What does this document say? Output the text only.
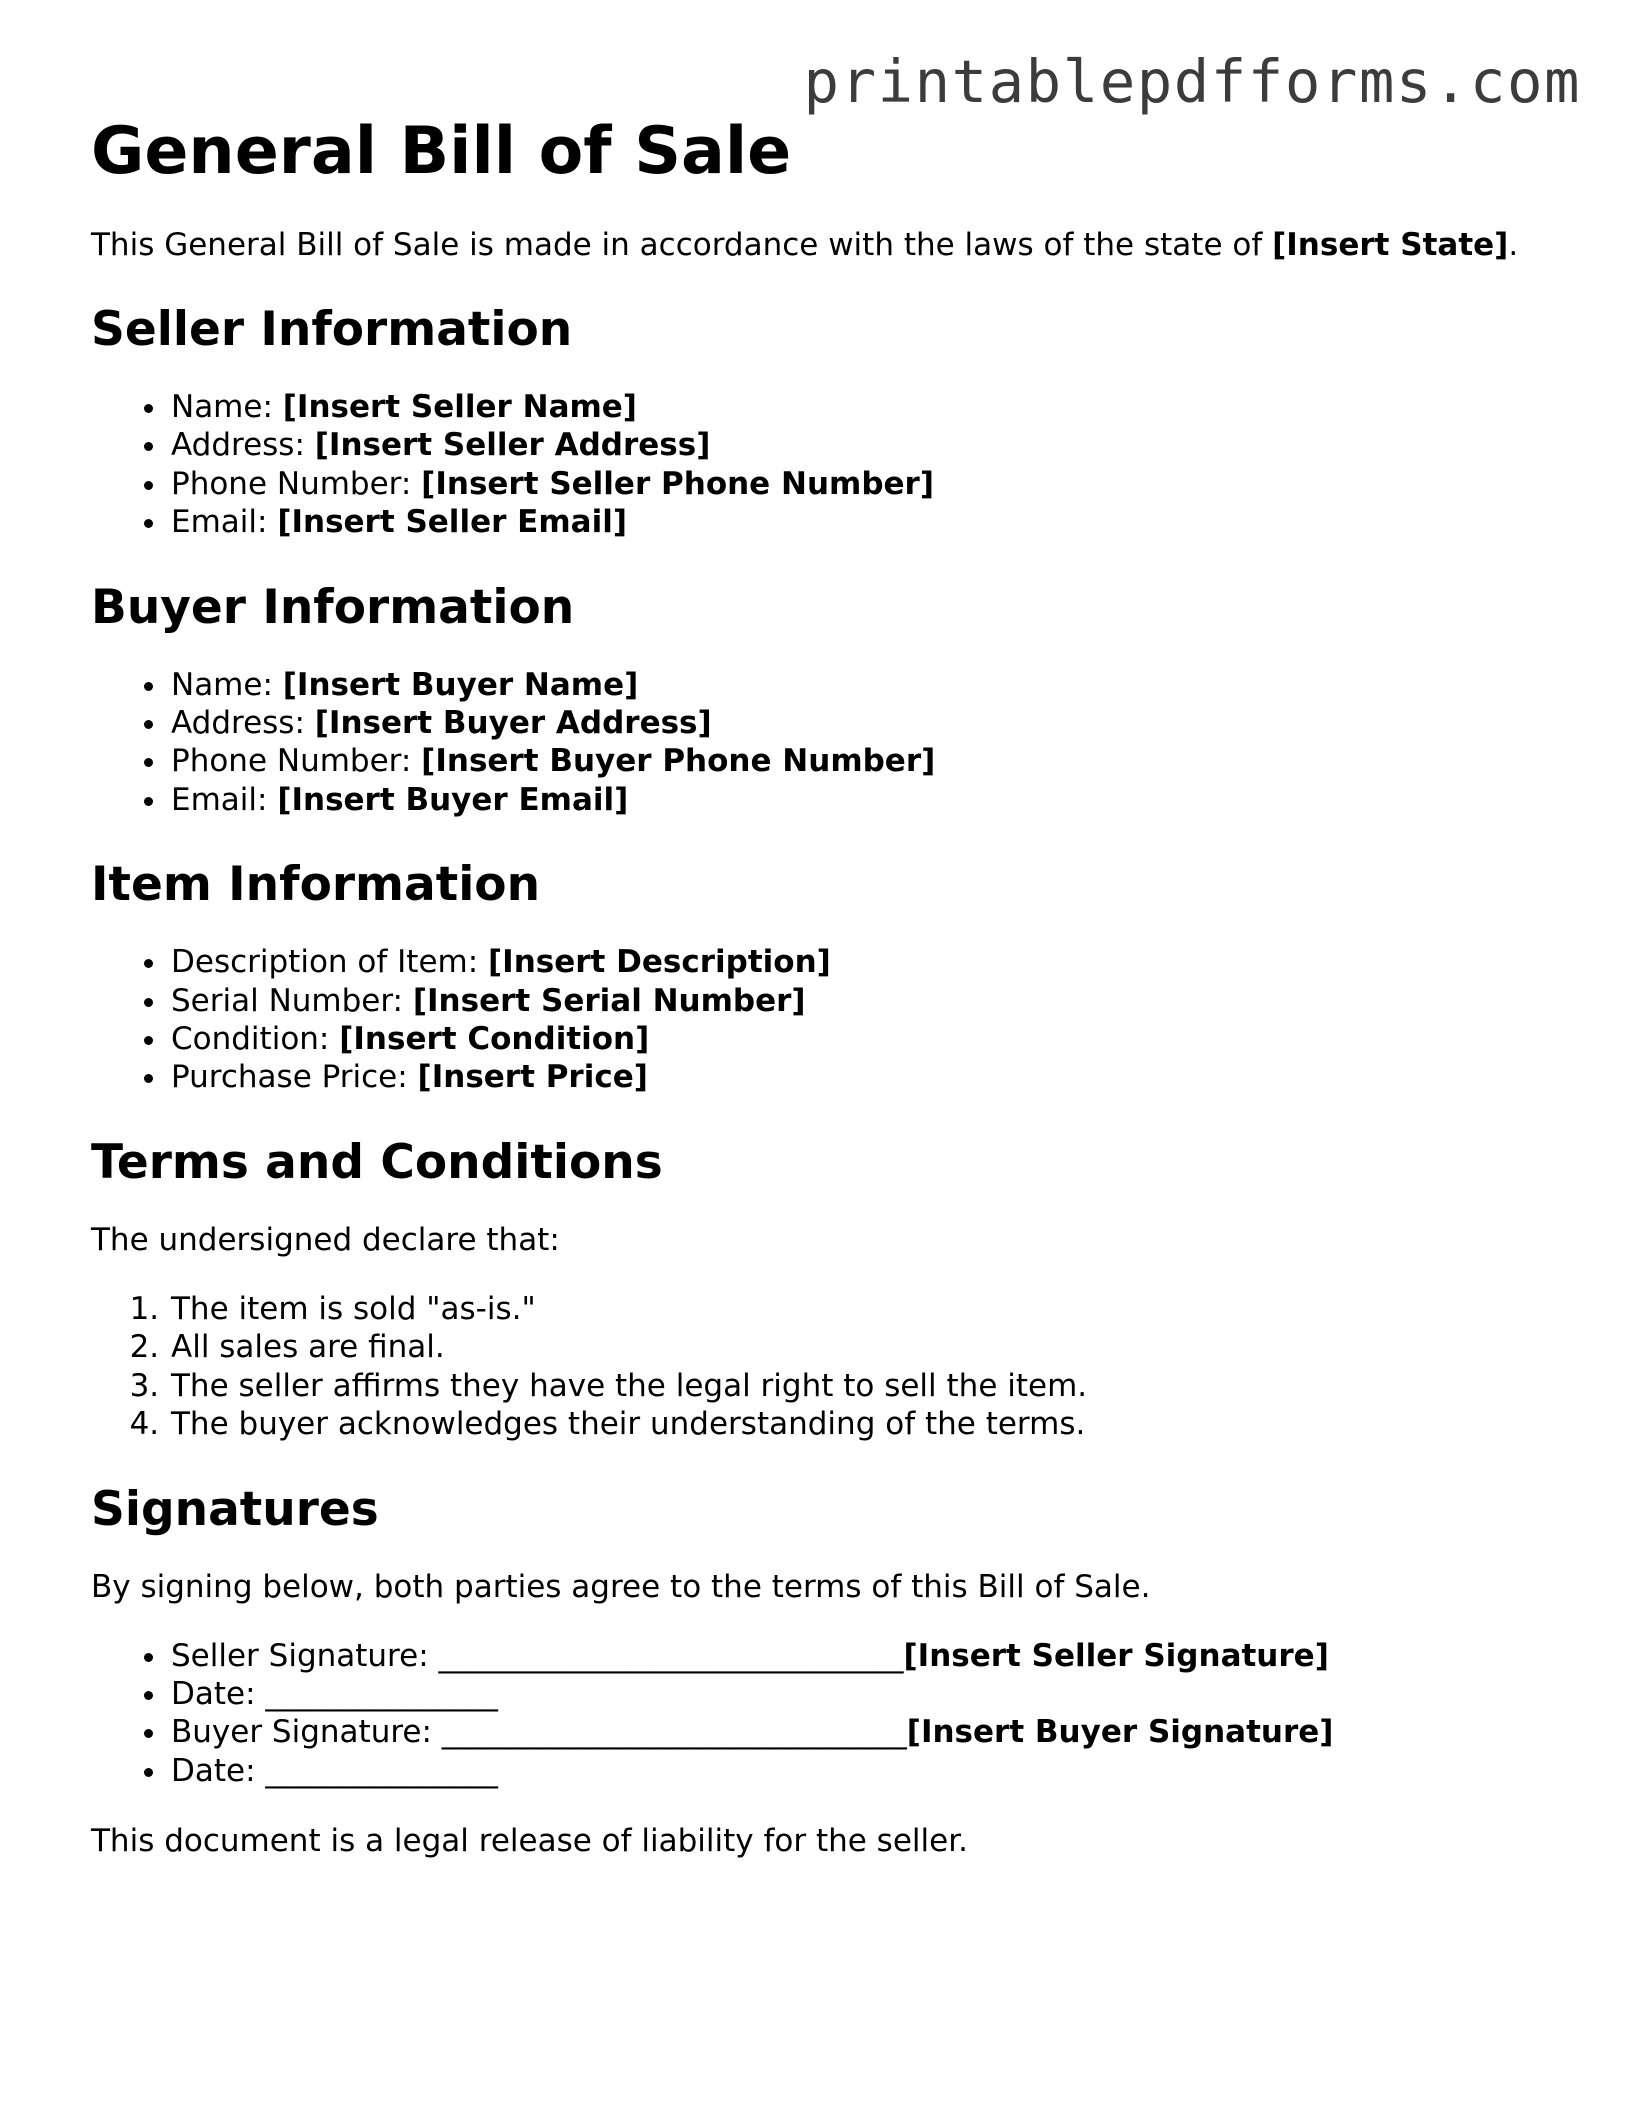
printablepdfforms.com
General Bill of Sale

This General Bill of Sale is made in accordance with the laws of the state of [Insert State].

Seller Information
• Name: [Insert Seller Name]
• Address: [Insert Seller Address]
• Phone Number: [Insert Seller Phone Number]
• Email: [Insert Seller Email]
Buyer Information
• Name: [Insert Buyer Name]
• Address: [Insert Buyer Address]
• Phone Number: [Insert Buyer Phone Number]
• Email: [Insert Buyer Email]
Item Information
• Description of Item: [Insert Description]
• Serial Number: [Insert Serial Number]
• Condition: [Insert Condition]
• Purchase Price: [Insert Price]
Terms and Conditions

The undersigned declare that:

1. The item is sold "as-is."
2. All sales are final.
3. The seller affirms they have the legal right to sell the item.
4. The buyer acknowledges their understanding of the terms.
Signatures

By signing below, both parties agree to the terms of this Bill of Sale.

• Seller Signature: ______________________________[Insert Seller Signature]
• Date: _______________
• Buyer Signature: ______________________________[Insert Buyer Signature]
• Date: _______________

This document is a legal release of liability for the seller.
